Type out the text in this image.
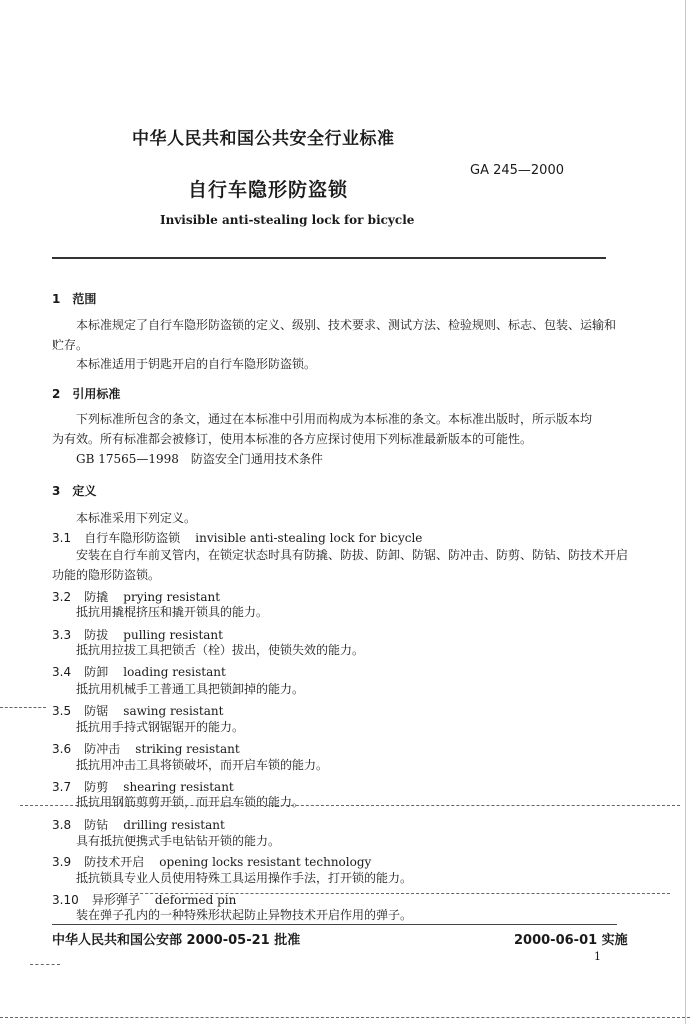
中华人民共和国公共安全行业标准
GA 245—2000
自行车隐形防盗锁
Invisible anti-stealing lock for bicycle
1　 范围
本标准规定了自行车隐形防盗锁的定义、级别、技术要求、测试方法、检验规则、标志、包装、运输和
贮存。
本标准适用于钥匙开启的自行车隐形防盗锁。
2　 引用标准
下列标准所包含的条文，通过在本标准中引用而构成为本标准的条文。本标准出版时，所示版本均
为有效。所有标准都会被修订，使用本标准的各方应探讨使用下列标准最新版本的可能性。
GB 17565—1998　防盗安全门通用技术条件
3　 定义
本标准采用下列定义。
3.1 自行车隐形防盗锁 invisible anti-stealing lock for bicycle
安装在自行车前叉管内，在锁定状态时具有防撬、防拔、防卸、防锯、防冲击、防剪、防钻、防技术开启
功能的隐形防盗锁。
3.2 防撬 prying resistant
抵抗用撬棍挤压和撬开锁具的能力。
3.3 防拔 pulling resistant
抵抗用拉拔工具把锁舌（栓）拔出，使锁失效的能力。
3.4 防卸 loading resistant
抵抗用机械手工普通工具把锁卸掉的能力。
3.5 防锯 sawing resistant
抵抗用手持式钢锯锯开的能力。
3.6 防冲击 striking resistant
抵抗用冲击工具将锁破坏，而开启车锁的能力。
3.7 防剪 shearing resistant
抵抗用钢筋剪剪开锁，而开启车锁的能力。
3.8 防钻 drilling resistant
具有抵抗便携式手电钻钻开锁的能力。
3.9 防技术开启 opening locks resistant technology
抵抗锁具专业人员使用特殊工具运用操作手法，打开锁的能力。
3.10 异形弹子 deformed pin
装在弹子孔内的一种特殊形状起防止异物技术开启作用的弹子。
中华人民共和国公安部 2000-05-21 批准	2000-06-01 实施
1
